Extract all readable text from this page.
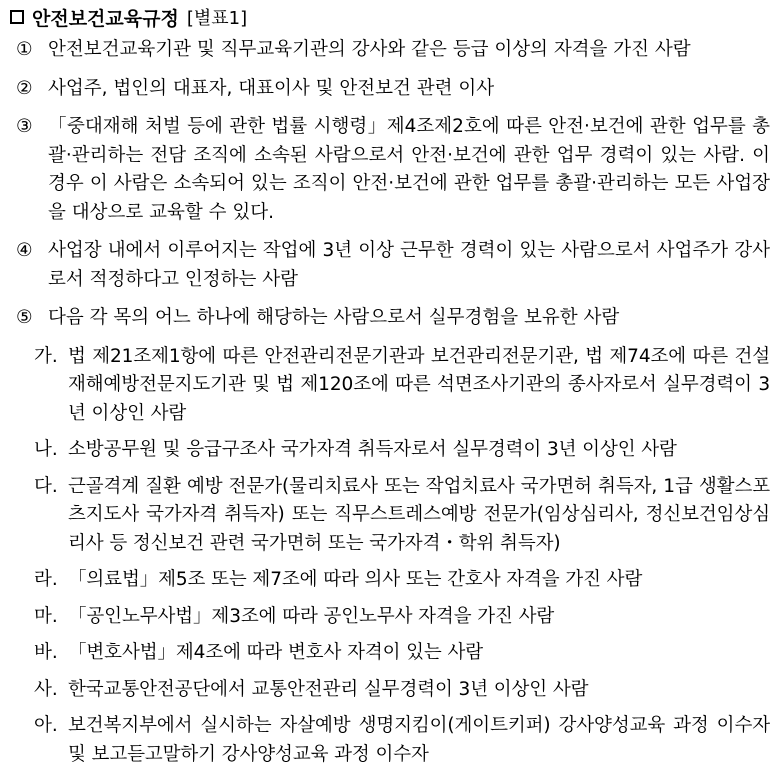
안전보건교육규정 [별표1]
① 안전보건교육기관 및 직무교육기관의 강사와 같은 등급 이상의 자격을 가진 사람
② 사업주, 법인의 대표자, 대표이사 및 안전보건 관련 이사
③ 「중대재해 처벌 등에 관한 법률 시행령」제4조제2호에 따른 안전·보건에 관한 업무를 총괄·관리하는 전담 조직에 소속된 사람으로서 안전·보건에 관한 업무 경력이 있는 사람. 이 경우 이 사람은 소속되어 있는 조직이 안전·보건에 관한 업무를 총괄·관리하는 모든 사업장을 대상으로 교육할 수 있다.
④ 사업장 내에서 이루어지는 작업에 3년 이상 근무한 경력이 있는 사람으로서 사업주가 강사로서 적정하다고 인정하는 사람
⑤ 다음 각 목의 어느 하나에 해당하는 사람으로서 실무경험을 보유한 사람
가. 법 제21조제1항에 따른 안전관리전문기관과 보건관리전문기관, 법 제74조에 따른 건설재해예방전문지도기관 및 법 제120조에 따른 석면조사기관의 종사자로서 실무경력이 3년 이상인 사람
나. 소방공무원 및 응급구조사 국가자격 취득자로서 실무경력이 3년 이상인 사람
다. 근골격계 질환 예방 전문가(물리치료사 또는 작업치료사 국가면허 취득자, 1급 생활스포츠지도사 국가자격 취득자) 또는 직무스트레스예방 전문가(임상심리사, 정신보건임상심리사 등 정신보건 관련 국가면허 또는 국가자격・학위 취득자)
라. 「의료법」제5조 또는 제7조에 따라 의사 또는 간호사 자격을 가진 사람
마. 「공인노무사법」제3조에 따라 공인노무사 자격을 가진 사람
바. 「변호사법」제4조에 따라 변호사 자격이 있는 사람
사. 한국교통안전공단에서 교통안전관리 실무경력이 3년 이상인 사람
아. 보건복지부에서 실시하는 자살예방 생명지킴이(게이트키퍼) 강사양성교육 과정 이수자 및 보고듣고말하기 강사양성교육 과정 이수자
